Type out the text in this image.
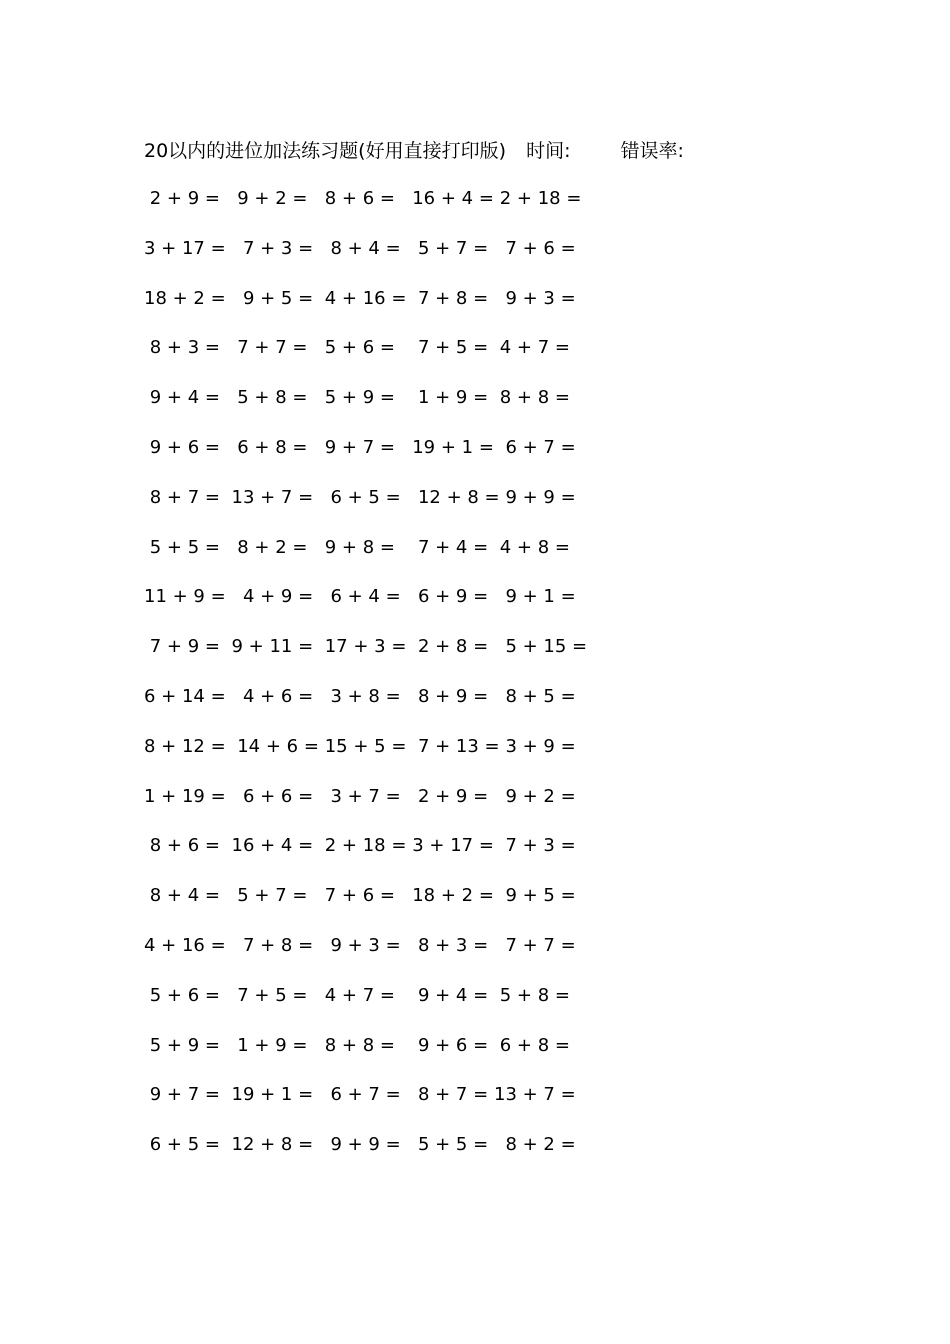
20以内的进位加法练习题(好用直接打印版) 时间:	错误率:
2 + 9 = 9 + 2 = 8 + 6 = 16 + 4 = 2 + 18 =
3 + 17 =  7 + 3 =  8 + 4 =  5 + 7 =  7 + 6 =
18 + 2 =  9 + 5 = 4 + 16 =  7 + 8 =  9 + 3 =
8 + 3 = 7 + 7 = 5 + 6 =  7 + 5 = 4 + 7 =
9 + 4 = 5 + 8 = 5 + 9 =  1 + 9 = 8 + 8 =
9 + 6 = 6 + 8 = 9 + 7 = 19 + 1 =  6 + 7 =
8 + 7 = 13 + 7 =  6 + 5 =  12 + 8 =  9 + 9 =
5 + 5 = 8 + 2 = 9 + 8 =  7 + 4 = 4 + 8 =
11 + 9 =  4 + 9 =  6 + 4 =  6 + 9 =  9 + 1 =
7 + 9 = 9 + 11 = 17 + 3 =  2 + 8 =  5 + 15 =
6 + 14 =  4 + 6 =  3 + 8 =  8 + 9 =  8 + 5 =
8 + 12 = 14 + 6 = 15 + 5 =  7 + 13 =  3 + 9 =
1 + 19 =  6 + 6 =  3 + 7 =  2 + 9 =  9 + 2 =
8 + 6 = 16 + 4 = 2 + 18 = 3 + 17 =  7 + 3 =
8 + 4 = 5 + 7 = 7 + 6 = 18 + 2 =  9 + 5 =
4 + 16 =  7 + 8 =  9 + 3 =  8 + 3 =  7 + 7 =
5 + 6 = 7 + 5 = 4 + 7 =  9 + 4 = 5 + 8 =
5 + 9 = 1 + 9 = 8 + 8 =  9 + 6 = 6 + 8 =
9 + 7 = 19 + 1 =  6 + 7 =  8 + 7 = 13 + 7 =
6 + 5 = 12 + 8 =  9 + 9 =  5 + 5 =  8 + 2 =
